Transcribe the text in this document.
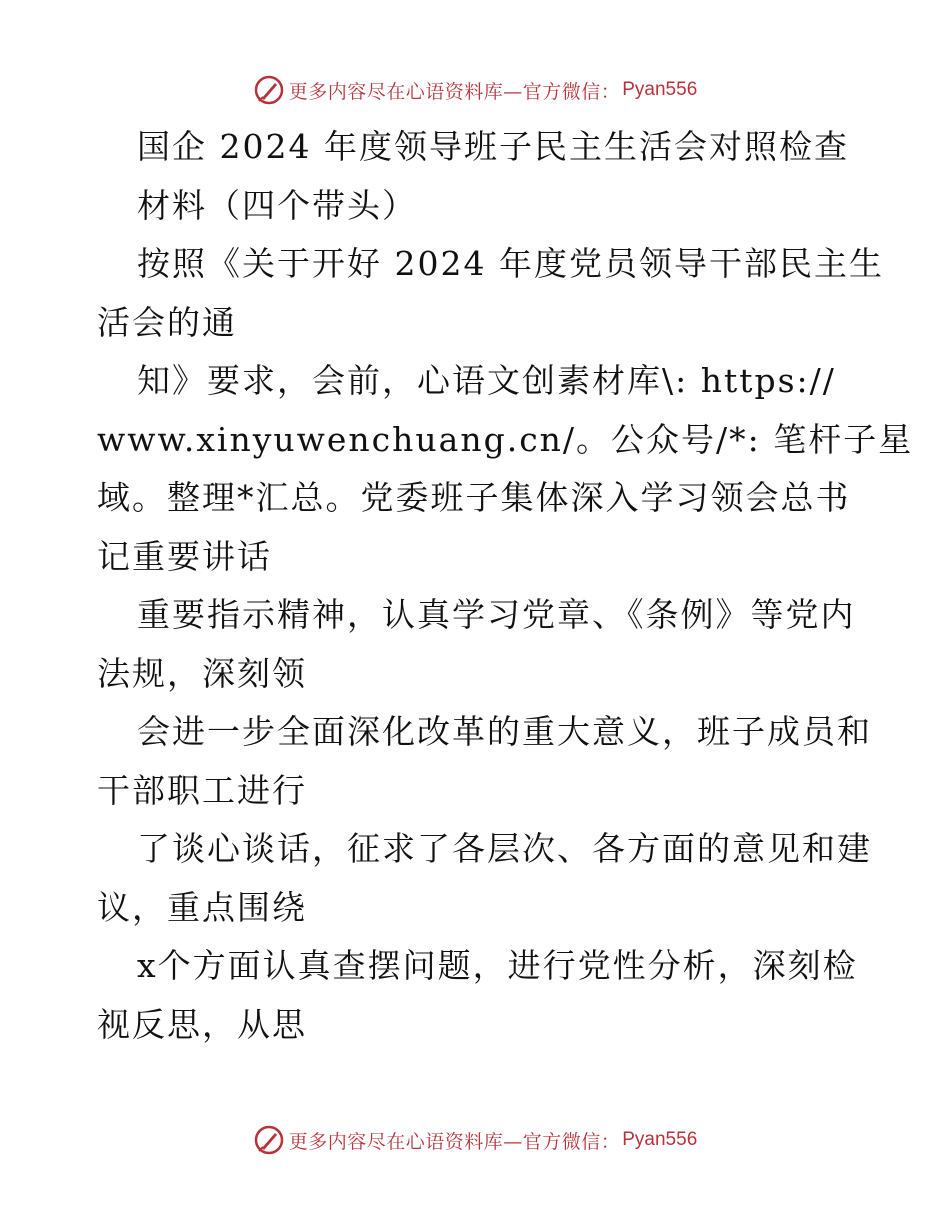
更多内容尽在心语资料库—官方微信： Pyan556
国企 2024 年度领导班子民主生活会对照检查
材料（四个带头）
按照《关于开好 2024 年度党员领导干部民主生
活会的通
知》要求，会前，心语文创素材库\: https://
www.xinyuwenchuang.cn/。公众号/*: 笔杆子星
域。整理*汇总。党委班子集体深入学习领会总书
记重要讲话
重要指示精神，认真学习党章、《条例》等党内
法规，深刻领
会进一步全面深化改革的重大意义，班子成员和
干部职工进行
了谈心谈话，征求了各层次、各方面的意见和建
议，重点围绕
x个方面认真查摆问题，进行党性分析，深刻检
视反思，从思
更多内容尽在心语资料库—官方微信： Pyan556
